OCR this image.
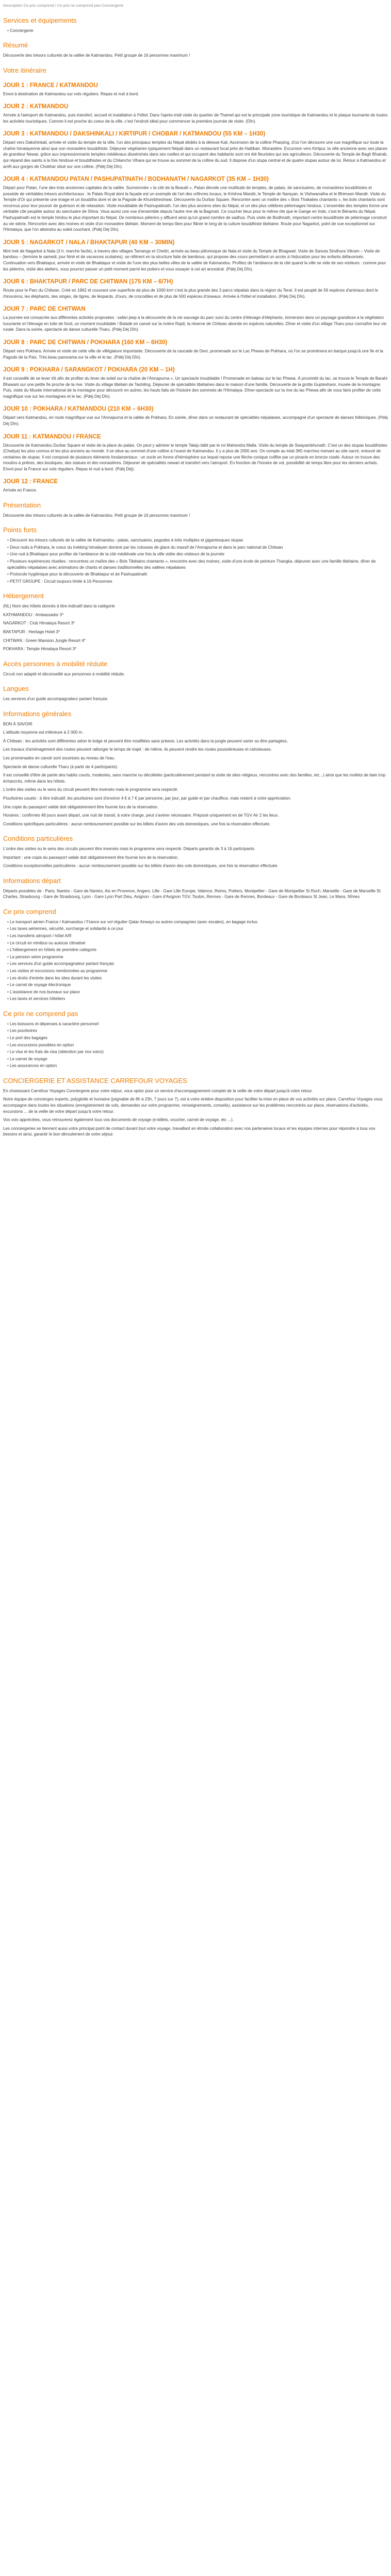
Description Ce prix comprend / Ce prix ne comprend pas Conciergerie
Services et équipements
• Conciergerie
Résumé

Découverte des trésors culturels de la vallée de Katmandou. Petit groupe de 16 personnes maximum !

Votre itinéraire
JOUR 1 : FRANCE / KATMANDOU

Envol à destination de Katmandou sur vols réguliers. Repas et nuit à bord.

JOUR 2 : KATMANDOU

Arrivée à l'aéroport de Katmandou, puis transfert, accueil et installation à l'hôtel. Dans l'après-midi visite du quartier de Thamel qui est le principale zone touristique de Katmandou et le plaque tournante de toutes les activités touristiques. Comme il est proche du coeur de la ville, c'est l'endroit idéal pour commencer la première journée de visite. (Dîn).

JOUR 3 : KATMANDOU / DAKSHINKALI / KIRTIPUR / CHOBAR / KATMANDOU (55 KM – 1H30)

Départ vers Dakshinkali, arrivée et visite du temple de la ville, l'un des principaux temples du Népal dédiés à la déesse Kali. Ascension de la colline Pharping, d'où l'on découvre une vue magnifique sur toute la chaîne himalayenne ainsi que son monastère bouddhiste. Déjeuner végétarien typiquement Népali dans un restaurant local près de Hattiban. Monastère. Excursion vers Kirtipur, la ville ancienne avec ses places de grandeur Newar, grâce aux impressionnants temples médiévaux disséminés dans ses ruelles et qui occupent des habitants sont ont été fleuristes qui ses agriculteurs. Découverte du Temple de Bagh Bhairab, qui répand des saints à la fois hindoue et bouddhistes et du Chilancho Vihara qui se trouve au sommet de la colline du sud. Il dispose d'un stupa central et de quatre stupas autour de lui. Retour à Katmandou et arrêt aux gorges de Chobhar situé sur une colline. (Pdéj Déj Dîn).

JOUR 4 : KATMANDOU PATAN / PASHUPATINATH / BODHANATH / NAGARKOT (35 KM – 1H30)

Départ pour Patan, l'une des trois anciennes capitales de la vallée. Surnommée « la cité de la Beauté », Patan dévoile une multitude de temples, de palais, de sanctuaires, de monastères bouddhistes et possède de véritables trésors architecturaux : le Palais Royal dont la façade est un exemple de l'art des orfèvres locaux, le Krishna Mandir, le Temple de Narayan, le Vishwanatha et le Bhimsen Mandir. Visite du Temple d'Or qui présente une image et un bouddha doré et de la Pagode de Khumbheshwar. Découverte du Durbar Square. Rencontre avec un maître des « Bois Thakalies chantants », les bols chantants sont reconnus pour leur pouvoir de guérison et de relaxation. Visite inoubliable de Pashupatinath, l'un des plus anciens sites du Népal, et un des plus célèbres pèlerinages hindous. L'ensemble des temples forme une véritable cité peuplée autour du sanctuaire de Shiva. Vous aurez une vue d'ensemble depuis l'autre rive de la Bagmati. Ce coucher lieux pour le même rite que le Gange en Inde, c'est le Bénarès du Népal. Pashupatinath est le temple hindou le plus important du Népal. De nombreux pèlerins y affluent ainsi qu'un grand nombre de sadhus. Puis visite de Bodhnath, important centre bouddhiste de pèlerinage construit au vie siècle. Rencontre avec des moines et visite d'un monastère tibétain. Moment de temps libre pour flâner le long de la culture bouddhiste tibétaine. Route pour Nagarkot, point de vue exceptionnel sur l'Himalaya, que l'on atteindra au soleil couchant. (Pdéj Déj Dîn).

JOUR 5 : NAGARKOT / NALA / BHAKTAPUR (40 KM – 30MIN)

Mini trek de Nagarkot à Nala (3 h, marche facile), à travers des villages Tamangs et Chettri, arrivée au beau pittoresque de Nala et visite du Temple de Bhagwati. Visite de Sanuta Sindhura Vikram – Visite de bambou – (termine le samedi, jour férié et de vacances scolaires), se réfèrent en la structure faite de bambous, qui propose des cours permettant un accès à l'éducation pour les enfants défavorisés. Continuation vers Bhaktapur, arrivée et visite de Bhaktapur et visite de l'une des plus belles villes de la vallée de Katmandou. Profitez de l'ambiance de la cité quand la ville se vide de ses visiteurs : comme pour les pèlerins, visite des ateliers, vous pourrez passer un petit moment parmi les potiers et vous essayer à cet art ancestral. (Pdéj Déj Dîn).

JOUR 6 : BHAKTAPUR / PARC DE CHITWAN (175 KM – 6/7H)

Route pour le Parc du Chitwan. Créé en 1962 et couvrant une superficie de plus de 1000 km² c'est la plus grande des 3 parcs népalais dans la région du Teraï. Il est peuplé de 56 espèces d'animaux dont le rhinocéros, les éléphants, des singes, de tigres, de léopards, d'ours, de crocodiles et de plus de 500 espèces d'oiseaux. Arrivée à l'hôtel et installation. (Pdéj Déj Dîn).

JOUR 7 : PARC DE CHITWAN

La journée est consacrée aux différentes activités proposées : safari jeep à la découverte de la vie sauvage du parc suivi du centre d'élevage d'éléphants, immersion dans un paysage grandiose à la végétation luxuriante et l'élevage en toile de fond, un moment inoubliable ! Balade en canoë sur la rivière Rapti, la réserve de Chitwan abonde en espèces naturelles. Dîner et visite d'un village Tharu pour connaître leur vie rurale. Dans la soirée, spectacle de danse culturelle Tharu. (Pdéj Déj Dîn).

JOUR 8 : PARC DE CHITWAN / POKHARA (160 KM – 6H30)

Départ vers Pokhara. Arrivée et visite de cette ville de villégiature importante. Découverte de la cascade de Devi, promenade sur le Lac Phewa de Pokhara, où l'on se promènera en barque jusqu'à une île et la Pagode de la Paix. Très beau panorama sur la ville et le lac. (Pdéj Déj Dîn).

JOUR 9 : POKHARA / SARANGKOT / POKHARA (20 KM – 1H)

Il est conseillé de se lever tôt afin de profiter du lever de soleil sur la chaîne de l'Annapurna ». Un spectacle inoubliable ! Promenade en bateau sur le lac Phewa. À proximité du lac, se trouve le Temple de Barahi Bhawani sur une petite île proche de la rive. Visite du village tibétain de Tashiling. Déjeuner de spécialités tibétaines dans le maison d'une famille. Découverte de la grotte Gupteshwor, musée de la montagne. Puis, visite du Musée International de la montagne pour découvrir en autres, les hauts faits de l'histoire des sommets de l'Himalaya. Dîner-spectacle sur la rive du lac Phewa afin de vous faire profiter de cette magnifique vue sur les montagnes et le lac. (Pdéj Déj Dîn).

JOUR 10 : POKHARA / KATMANDOU (210 KM – 6H30)

Départ vers Katmandou, en route magnifique vue sur l'Annapurna et la vallée de Pokhara. En soirée, dîner dans un restaurant de spécialités népalaises, accompagné d'un spectacle de danses folkloriques. (Pdéj Déj Dîn).

JOUR 11 : KATMANDOU / FRANCE

Découverte de Katmandou Durbar Square et visite de la place du palais. On peut y admirer le temple Taleju bâtit par le roi Mahendra Malla. Visite du temple de Swayambhunath. C'est un des stupas bouddhistes (Chaitya) les plus connus et les plus anciens au monde. Il se situe au sommet d'une colline à l'ouest de Katmandou. Il y a plus de 2000 ans. On compte au total 365 marches menant au site sacré, entouré de centaines de stupas. Il est composé de plusieurs éléments fondamentaux : un socle en forme d'hémisphère sur lequel repose une flèche conique coiffée par un pinacle en bronze ciselé. Autour on trouve des moulins à prières, des boutiques, des statues et des monastères. Déjeuner de spécialités newari et transfert vers l'aéroport. En fonction de l'horaire de vol, possibilité de temps libre pour les derniers achats. Envol pour la France sur vols réguliers. Repas et nuit à bord. (Pdéj Déj).

JOUR 12 : FRANCE

Arrivée en France.

Présentation

Découverte des trésors culturels de la vallée de Katmandou. Petit groupe de 16 personnes maximum !

Points forts
• Découvrir les trésors culturels de la vallée de Katmandou : palais, sanctuaires, pagodes à toits multiples et gigantesques stupas
• Deux nuits à Pokhara, le coeur du trekking himalayen dominé par les colosses de glace du massif de l'Annapurna et dans le parc national de Chitwan
• Une nuit à Bhaktapur pour profiter de l'ambiance de la cité médiévale une fois la ville vidée des visiteurs de la journée
• Plusieurs expériences rituelles : rencontres un maître des « Bols Tibétains chantants », rencontre avec des moines, visite d'une école de peinture Thangka, déjeuner avec une famille tibétaine, dîner de spécialités népalaises avec animations de chants et danses traditionnelles des vallées népalaises
• Protocole hygiénique pour la découverte de Bhaktapur et de Pashupatinath
• PETIT GROUPE : Circuit toujours limité à 16 Personnes
Hébergement

(NL) Nom des hôtels donnés à titre indicatif dans la catégorie

KATHMANDOU : Ambassador 3*

NAGARKOT : Club Himalaya Resort 3*

BAKTAPUR : Heritage Hotel 3*

CHITWAN : Green Mansion Jungle Resort 4*

POKHARA : Temple Himalaya Resort 3*

Accès personnes à mobilité réduite

Circuit non adapté et déconseillé aux personnes à mobilité réduite.

Langues

Les services d'un guide accompagnateur parlant français

Informations générales

BON À SAVOIR

L'altitude moyenne est inférieure à 2 000 m.

À Chitwan : les activités sont différentes selon le lodge et peuvent être modifiées sans préavis. Les activités dans la jungle peuvent varier ou être partagées.

Les travaux d'aménagement des routes peuvent rallonger le temps de trajet : de même, ils peuvent rendre les routes poussiéreuses et cahoteuses.

Les promenades en canoë sont soumises au niveau de l'eau.

Spectacle de danse culturelle Tharu (à partir de 4 participants).

Il est conseillé d'être de partie des habits courts, modestes, sans manche ou décolletés (particulièrement pendant la visite de sites religieux, rencontres avec des familles, etc...) ainsi que les mollets de bain trop échancrés, même dans les hôtels.

L'ordre des visites ou le sens du circuit peuvent être inversés mais le programme sera respecté.

Pourboires usuels : à titre indicatif, les pourboires sont d'environ 4 € à 7 € par personne, par jour, par guide et par chauffeur, mais restent à votre appréciation.

Une copie du passeport valide doit obligatoirement être fournie lors de la réservation.

Horaires : confirmés 48 jours avant départ, une nuit de transit, à votre charge, peut s'avérer nécessaire. Préposé uniquement en de TGV Air 2 les lieux.

Conditions spécifiques particulières : aucun remboursement possible sur les billets d'avion des vols domestiques, une fois la réservation effectuée.

Conditions particulières

L'ordre des visites ou le sens des circuits peuvent être inversés mais le programme sera respecté. Départs garantis de 3 à 16 participants

Important : une copie du passeport valide doit obligatoirement être fournie lors de la réservation.

Conditions exceptionnelles particulières : aucun remboursement possible sur les billets d'avion des vols domestiques, une fois la réservation effectuée.

Informations départ

Départs possibles de : Paris, Nantes - Gare de Nantes, Aix en Provence, Angers, Lille - Gare Lille Europe, Valence, Reims, Poitiers, Montpellier - Gare de Montpellier St Roch, Marseille - Gare de Marseille St Charles, Strasbourg - Gare de Strasbourg, Lyon - Gare Lyon Part Dieu, Avignon - Gare d'Avignon TGV, Toulon, Rennes - Gare de Rennes, Bordeaux - Gare de Bordeaux St Jean, Le Mans, Nîmes

Ce prix comprend
• Le transport aérien France / Katmandou / France sur vol régulier Qatar Airways ou autres compagnies (avec escales), en bagage inclus
• Les taxes aériennes, sécurité, surcharge et solidarité à ce jour
• Les transferts aéroport / hôtel A/R
• Le circuit en minibus ou autocar climatisé
• L'hébergement en hôtels de première catégorie
• La pension selon programme
• Les services d'un guide accompagnateur parlant français
• Les visites et excursions mentionnées au programme
• Les droits d'entrée dans les sites durant les visites
• Le carnet de voyage électronique
• L'assistance de nos bureaux sur place
• Les taxes et services hôteliers
Ce prix ne comprend pas
• Les boissons et dépenses à caractère personnel
• Les pourboires
• Le port des bagages
• Les excursions possibles en option
• Le visa et les frais de visa (obtention par nos soins)
• Le carnet de voyage
• Les assurances en option
CONCIERGERIE ET ASSISTANCE CARREFOUR VOYAGES

En choisissant Carrefour Voyages Conciergerie pour votre séjour, vous optez pour un service d'accompagnement complet de la veille de votre départ jusqu'à votre retour.

Notre équipe de concierges experts, polyglotte et humaine (joignable de 8h à 23h, 7 jours sur 7), est à votre entière disposition pour faciliter la mise en place de vos activités sur place. Carrefour Voyages vous accompagne dans toutes les situations (enregistrement de vols, demandes sur votre programme, renseignements, conseils), assistance sur les problèmes rencontrés sur place, réservations d'activités, excursions ... de la veille de votre départ jusqu'à votre retour.

Vos voix appréciées, vous retrouverez également tous vos documents de voyage (e-billets, voucher, carnet de voyage, etc ...).

Les conciergeries se tiennent aussi votre principal point de contact durant tout votre voyage, travaillant en étroite collaboration avec nos partenaires locaux et les équipes internes pour répondre à tous vos besoins et ainsi, garantir le bon déroulement de votre séjour.
